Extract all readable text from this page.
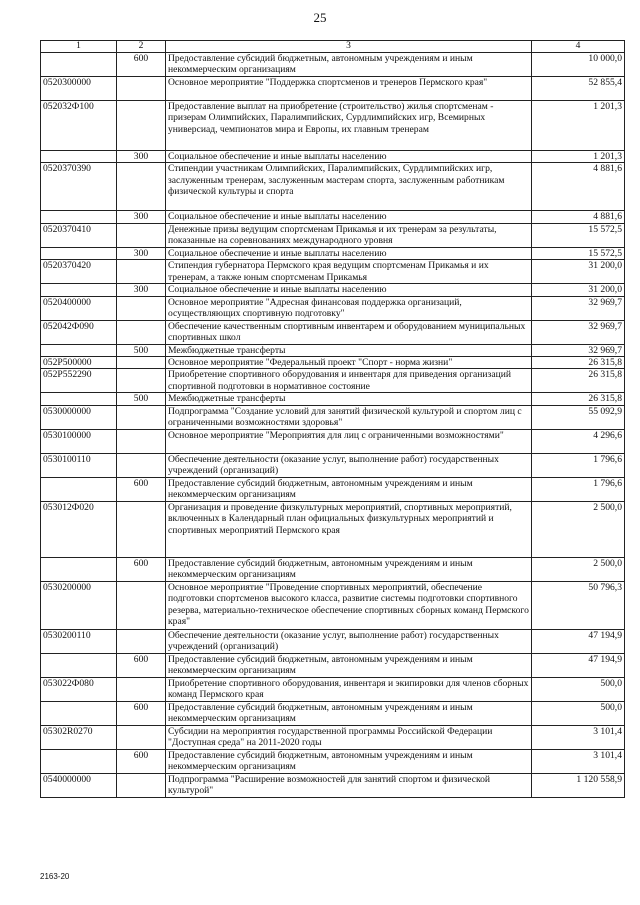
25
1	2	3	4
	600	Предоставление субсидий бюджетным, автономным учреждениям и иным некоммерческим организациям	10 000,0
0520300000		Основное мероприятие "Поддержка спортсменов и тренеров Пермского края"	52 855,4
052032Ф100		Предоставление выплат на приобретение (строительство) жилья спортсменам - призерам Олимпийских, Паралимпийских, Сурдлимпийских игр, Всемирных универсиад, чемпионатов мира и Европы, их главным тренерам	1 201,3
	300	Социальное обеспечение и иные выплаты населению	1 201,3
0520370390		Стипендии участникам Олимпийских, Паралимпийских, Сурдлимпийских игр, заслуженным тренерам, заслуженным мастерам спорта, заслуженным работникам физической культуры и спорта	4 881,6
	300	Социальное обеспечение и иные выплаты населению	4 881,6
0520370410		Денежные призы ведущим спортсменам Прикамья и их тренерам за результаты, показанные на соревнованиях международного уровня	15 572,5
	300	Социальное обеспечение и иные выплаты населению	15 572,5
0520370420		Стипендия губернатора Пермского края ведущим спортсменам Прикамья и их тренерам, а также юным спортсменам Прикамья	31 200,0
	300	Социальное обеспечение и иные выплаты населению	31 200,0
0520400000		Основное мероприятие "Адресная финансовая поддержка организаций, осуществляющих спортивную подготовку"	32 969,7
052042Ф090		Обеспечение качественным спортивным инвентарем и оборудованием муниципальных спортивных школ	32 969,7
	500	Межбюджетные трансферты	32 969,7
052P500000		Основное мероприятие "Федеральный проект "Спорт - норма жизни"	26 315,8
052P552290		Приобретение спортивного оборудования и инвентаря для приведения организаций спортивной подготовки в нормативное состояние	26 315,8
	500	Межбюджетные трансферты	26 315,8
0530000000		Подпрограмма "Создание условий для занятий физической культурой и спортом лиц с ограниченными возможностями здоровья"	55 092,9
0530100000		Основное мероприятие "Мероприятия для лиц с ограниченными возможностями"	4 296,6
0530100110		Обеспечение деятельности (оказание услуг, выполнение работ) государственных учреждений (организаций)	1 796,6
	600	Предоставление субсидий бюджетным, автономным учреждениям и иным некоммерческим организациям	1 796,6
053012Ф020		Организация и проведение физкультурных мероприятий, спортивных мероприятий, включенных в Календарный план официальных физкультурных мероприятий и спортивных мероприятий Пермского края	2 500,0
	600	Предоставление субсидий бюджетным, автономным учреждениям и иным некоммерческим организациям	2 500,0
0530200000		Основное мероприятие "Проведение спортивных мероприятий, обеспечение подготовки спортсменов высокого класса, развитие системы подготовки спортивного резерва, материально-техническое обеспечение спортивных сборных команд Пермского края"	50 796,3
0530200110		Обеспечение деятельности (оказание услуг, выполнение работ) государственных учреждений (организаций)	47 194,9
	600	Предоставление субсидий бюджетным, автономным учреждениям и иным некоммерческим организациям	47 194,9
053022Ф080		Приобретение спортивного оборудования, инвентаря и экипировки для членов сборных команд Пермского края	500,0
	600	Предоставление субсидий бюджетным, автономным учреждениям и иным некоммерческим организациям	500,0
05302R0270		Субсидии на мероприятия государственной программы Российской Федерации "Доступная среда" на 2011-2020 годы	3 101,4
	600	Предоставление субсидий бюджетным, автономным учреждениям и иным некоммерческим организациям	3 101,4
0540000000		Подпрограмма "Расширение возможностей для занятий спортом и физической культурой"	1 120 558,9
2163-20
